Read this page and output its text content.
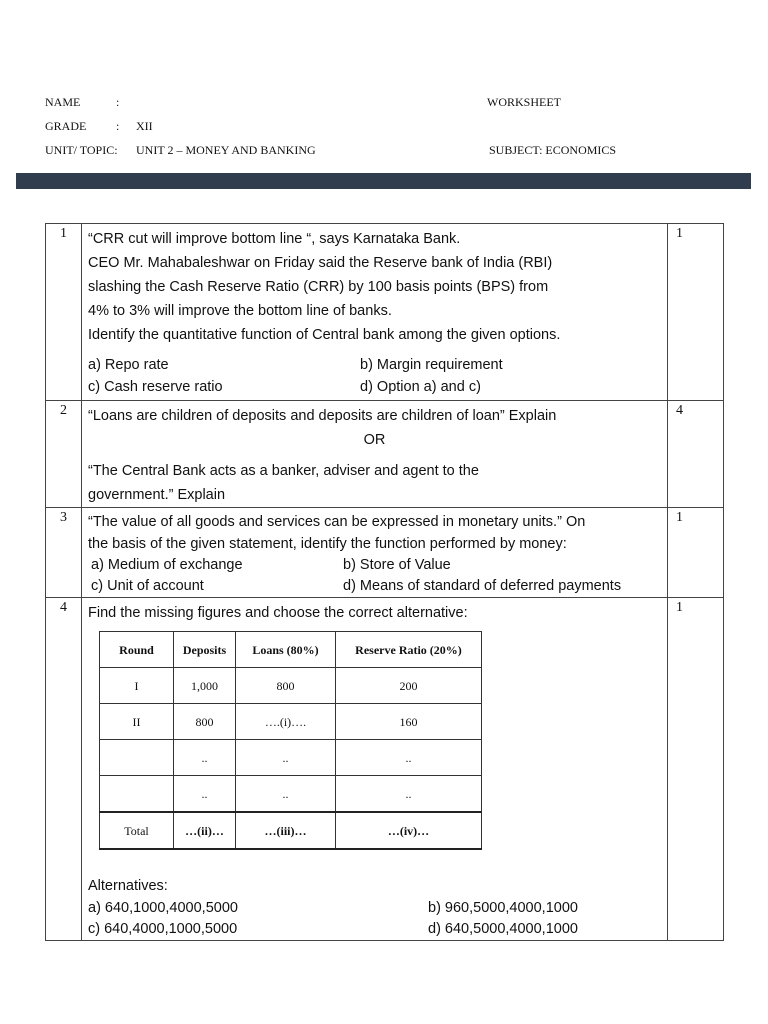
NAME	:
GRADE : XII
UNIT/ TOPIC: UNIT 2 – MONEY AND BANKING
WORKSHEET
SUBJECT: ECONOMICS
1	“CRR cut will improve bottom line “, says Karnataka Bank.

CEO Mr. Mahabaleshwar on Friday said the Reserve bank of India (RBI)

slashing the Cash Reserve Ratio (CRR) by 100 basis points (BPS) from

4% to 3% will improve the bottom line of banks.

Identify the quantitative function of Central bank among the given options.

a) Repo rate	b) Margin requirement
c) Cash reserve ratio	d) Option a) and c)
	1
2	“Loans are children of deposits and deposits are children of loan” Explain

OR

“The Central Bank acts as a banker, adviser and agent to the

government.” Explain

	4
3	“The value of all goods and services can be expressed in monetary units.” On

the basis of the given statement, identify the function performed by money:

a) Medium of exchange	b) Store of Value
c) Unit of account	d) Means of standard of deferred payments
	1
4	Find the missing figures and choose the correct alternative:

Round	Deposits	Loans (80%)	Reserve Ratio (20%)
I	1,000	800	200
II	800	….(i)….	160
	..	..	..
	..	..	..
Total	…(ii)…	…(iii)…	…(iv)…

Alternatives:

a) 640,1000,4000,5000	b) 960,5000,4000,1000
c) 640,4000,1000,5000	d) 640,5000,4000,1000
	1
